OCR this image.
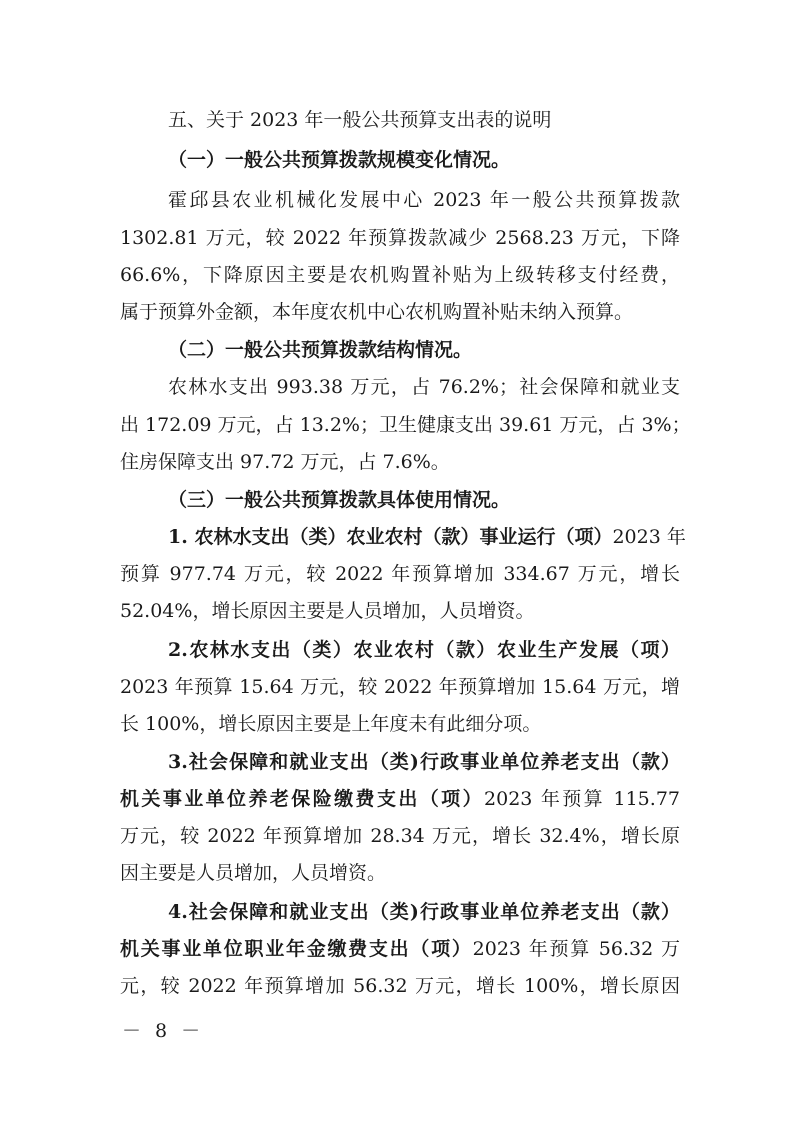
五、关于 2023 年一般公共预算支出表的说明

（一）一般公共预算拨款规模变化情况。

霍邱县农业机械化发展中心 2023 年一般公共预算拨款

1302.81 万元，较 2022 年预算拨款减少 2568.23 万元，下降

66.6%，下降原因主要是农机购置补贴为上级转移支付经费，

属于预算外金额，本年度农机中心农机购置补贴未纳入预算。

（二）一般公共预算拨款结构情况。

农林水支出 993.38 万元，占 76.2%；社会保障和就业支

出 172.09 万元，占 13.2%；卫生健康支出 39.61 万元，占 3%；

住房保障支出 97.72 万元，占 7.6%。

（三）一般公共预算拨款具体使用情况。

1. 农林水支出（类）农业农村（款）事业运行（项）2023 年

预算 977.74 万元，较 2022 年预算增加 334.67 万元，增长

52.04%，增长原因主要是人员增加，人员增资。

2.农林水支出（类）农业农村（款）农业生产发展（项）

2023 年预算 15.64 万元，较 2022 年预算增加 15.64 万元，增

长 100%，增长原因主要是上年度未有此细分项。

3.社会保障和就业支出（类)行政事业单位养老支出（款）

机关事业单位养老保险缴费支出（项）2023 年预算 115.77

万元，较 2022 年预算增加 28.34 万元，增长 32.4%，增长原

因主要是人员增加，人员增资。

4.社会保障和就业支出（类)行政事业单位养老支出（款）

机关事业单位职业年金缴费支出（项）2023 年预算 56.32 万

元，较 2022 年预算增加 56.32 万元，增长 100%，增长原因

－ 8 －
